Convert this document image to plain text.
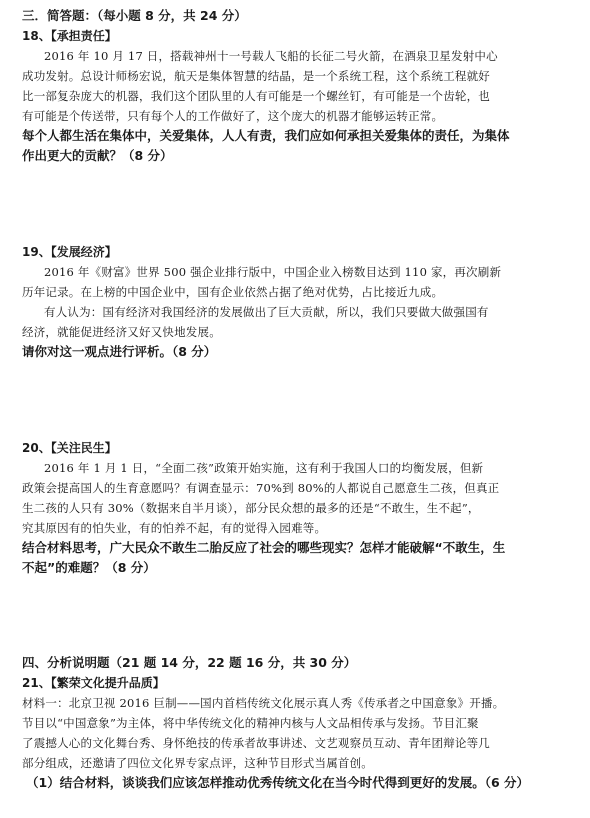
三．简答题：（每小题 8 分，共 24 分）
18、【承担责任】
2016 年 10 月 17 日，搭载神州十一号载人飞船的长征二号火箭，在酒泉卫星发射中心
成功发射。总设计师杨宏说，航天是集体智慧的结晶，是一个系统工程，这个系统工程就好
比一部复杂庞大的机器，我们这个团队里的人有可能是一个螺丝钉，有可能是一个齿轮，也
有可能是个传送带，只有每个人的工作做好了，这个庞大的机器才能够运转正常。
每个人都生活在集体中，关爱集体，人人有责，我们应如何承担关爱集体的责任，为集体
作出更大的贡献？（8 分）
19、【发展经济】
2016 年《财富》世界 500 强企业排行版中，中国企业入榜数目达到 110 家，再次刷新
历年记录。在上榜的中国企业中，国有企业依然占据了绝对优势，占比接近九成。
有人认为：国有经济对我国经济的发展做出了巨大贡献，所以，我们只要做大做强国有
经济，就能促进经济又好又快地发展。
请你对这一观点进行评析。（8 分）
20、【关注民生】
2016 年 1 月 1 日，“全面二孩”政策开始实施，这有利于我国人口的均衡发展，但新
政策会提高国人的生育意愿吗？有调查显示：70%到 80%的人都说自己愿意生二孩，但真正
生二孩的人只有 30%（数据来自半月谈），部分民众想的最多的还是“不敢生，生不起”，
究其原因有的怕失业，有的怕养不起，有的觉得入园难等。
结合材料思考，广大民众不敢生二胎反应了社会的哪些现实？怎样才能破解“不敢生，生
不起”的难题？（8 分）
四、分析说明题（21 题 14 分，22 题 16 分，共 30 分）
21、【繁荣文化提升品质】
材料一：北京卫视 2016 巨制——国内首档传统文化展示真人秀《传承者之中国意象》开播。
节目以“中国意象”为主体，将中华传统文化的精神内核与人文品相传承与发扬。节目汇聚
了震撼人心的文化舞台秀、身怀绝技的传承者故事讲述、文艺观察员互动、青年团辩论等几
部分组成，还邀请了四位文化界专家点评，这种节目形式当属首创。
（1）结合材料，谈谈我们应该怎样推动优秀传统文化在当今时代得到更好的发展。（6 分）
